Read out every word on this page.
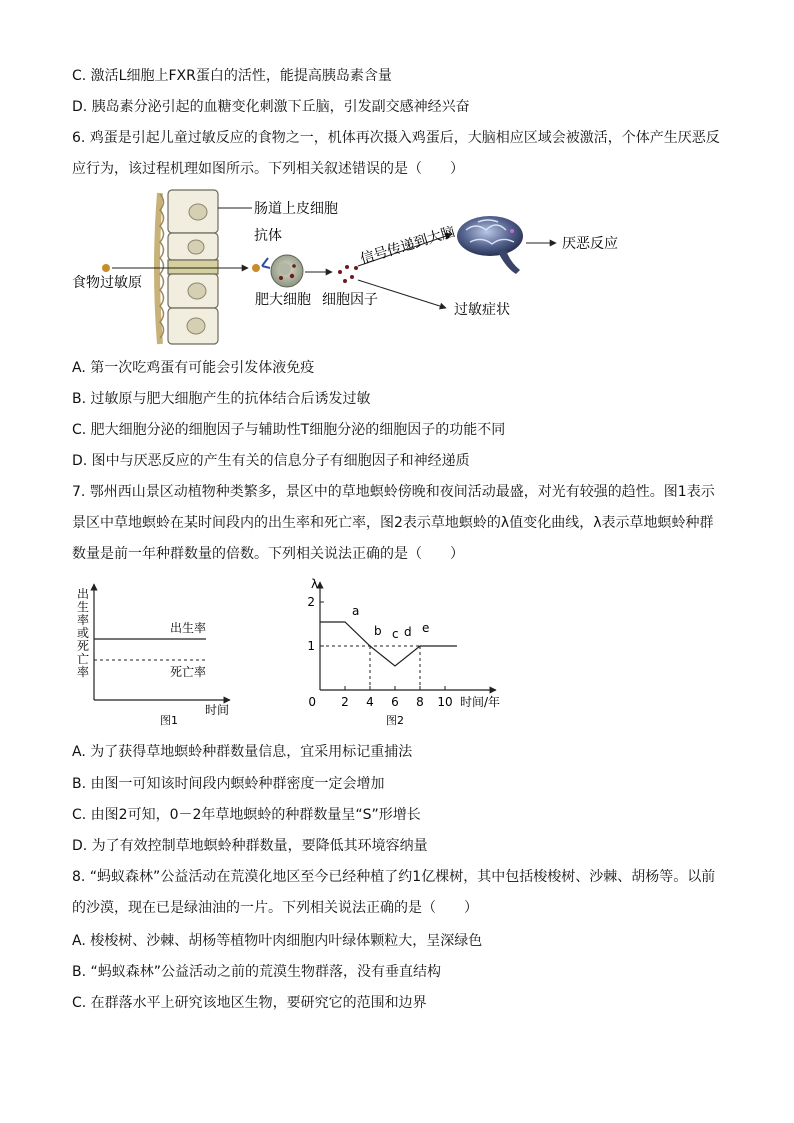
C. 激活L细胞上FXR蛋白的活性，能提高胰岛素含量
D. 胰岛素分泌引起的血糖变化刺激下丘脑，引发副交感神经兴奋
6. 鸡蛋是引起儿童过敏反应的食物之一，机体再次摄入鸡蛋后，大脑相应区域会被激活，个体产生厌恶反应行为，该过程机理如图所示。下列相关叙述错误的是（　　）
肠道上皮细胞
食物过敏原
抗体
肥大细胞 细胞因子
信号传递到大脑	厌恶反应
过敏症状
A. 第一次吃鸡蛋有可能会引发体液免疫
B. 过敏原与肥大细胞产生的抗体结合后诱发过敏
C. 肥大细胞分泌的细胞因子与辅助性T细胞分泌的细胞因子的功能不同
D. 图中与厌恶反应的产生有关的信息分子有细胞因子和神经递质
7. 鄂州西山景区动植物种类繁多，景区中的草地螟蛉傍晚和夜间活动最盛，对光有较强的趋性。图1表示景区中草地螟蛉在某时间段内的出生率和死亡率，图2表示草地螟蛉的λ值变化曲线，λ表示草地螟蛉种群数量是前一年种群数量的倍数。下列相关说法正确的是（　　）
出生率或死亡率
出生率
死亡率
时间
图1
λ
0 2 4 6 8 10
1
2
a
b c d e
时间/年
图2
A. 为了获得草地螟蛉种群数量信息，宜采用标记重捕法
B. 由图一可知该时间段内螟蛉种群密度一定会增加
C. 由图2可知，0－2年草地螟蛉的种群数量呈“S”形增长
D. 为了有效控制草地螟蛉种群数量，要降低其环境容纳量
8. “蚂蚁森林”公益活动在荒漠化地区至今已经种植了约1亿棵树，其中包括梭梭树、沙棘、胡杨等。以前的沙漠，现在已是绿油油的一片。下列相关说法正确的是（　　）
A. 梭梭树、沙棘、胡杨等植物叶肉细胞内叶绿体颗粒大，呈深绿色
B. “蚂蚁森林”公益活动之前的荒漠生物群落，没有垂直结构
C. 在群落水平上研究该地区生物，要研究它的范围和边界
